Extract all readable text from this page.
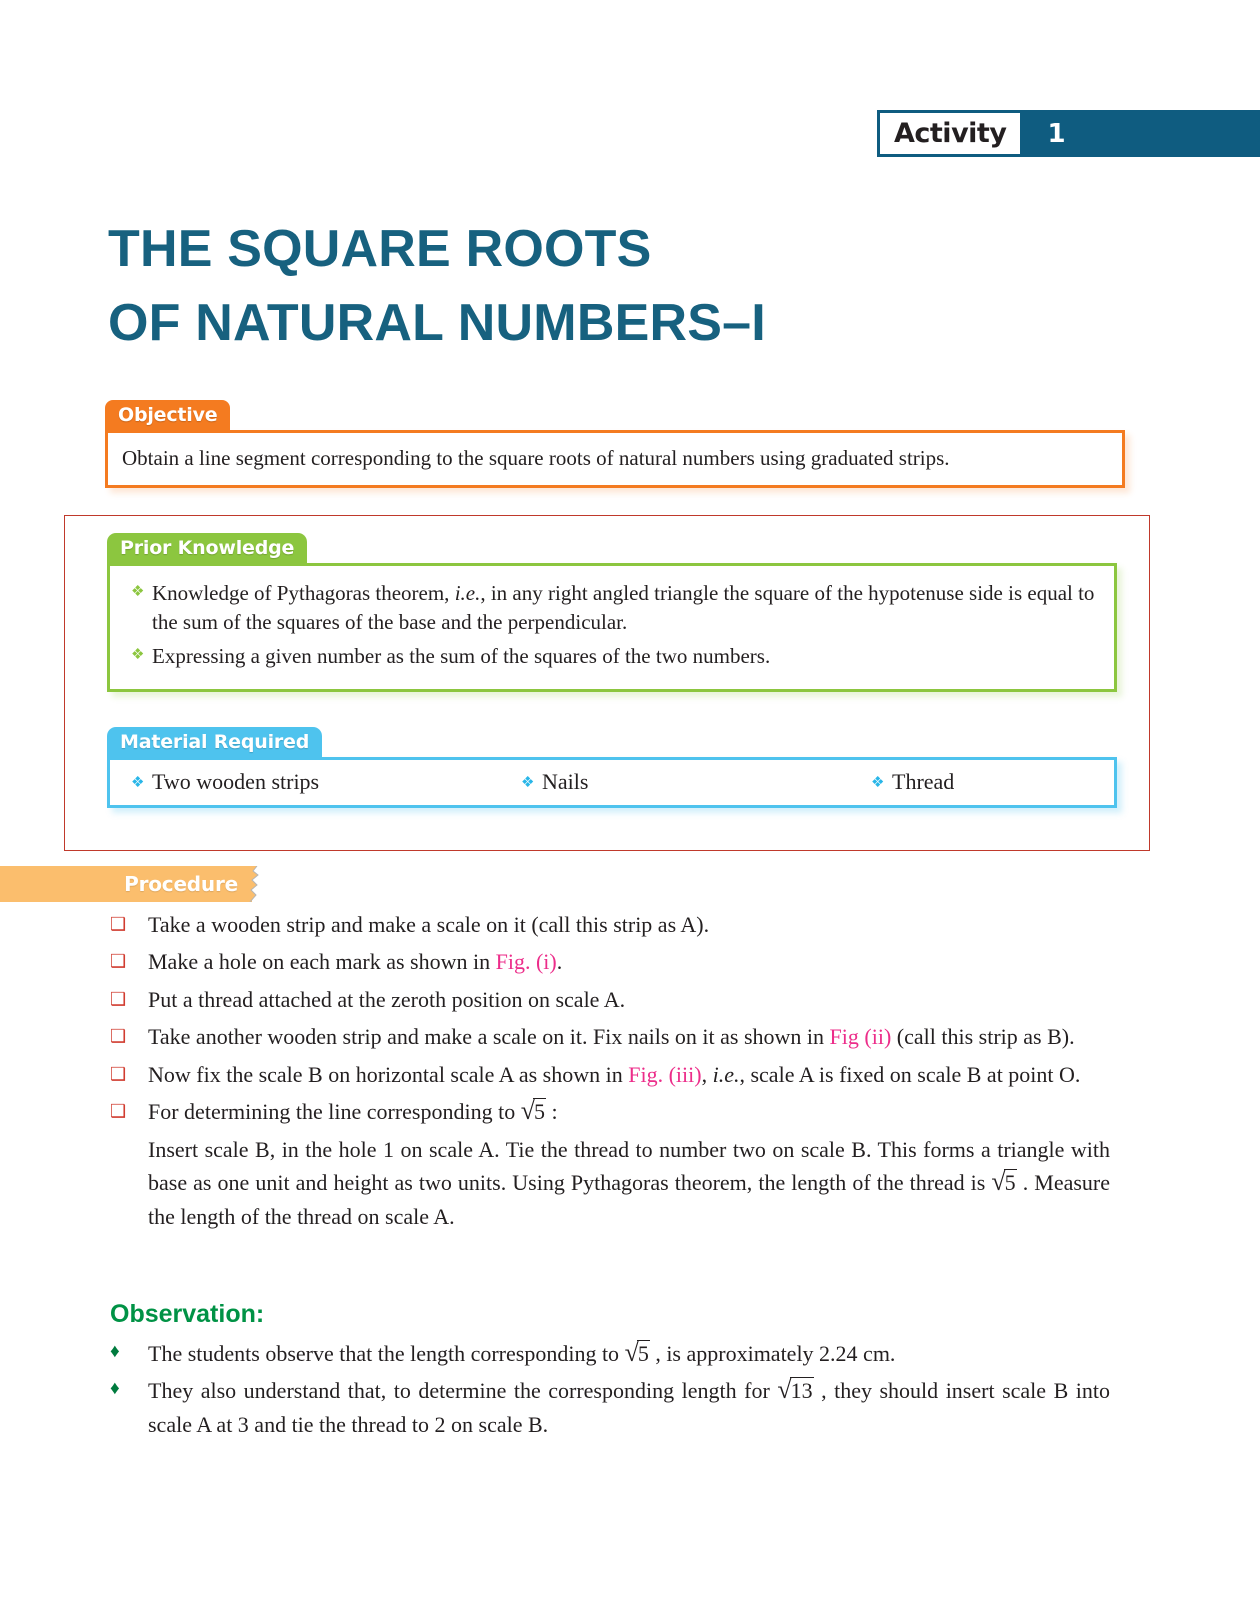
Activity	1
THE SQUARE ROOTS
OF NATURAL NUMBERS–I
Objective
Obtain a line segment corresponding to the square roots of natural numbers using graduated strips.
Prior Knowledge
❖ Knowledge of Pythagoras theorem, i.e., in any right angled triangle the square of the hypotenuse side is equal to the sum of the squares of the base and the perpendicular.
❖ Expressing a given number as the sum of the squares of the two numbers.
Material Required
❖ Two wooden strips	❖ Nails	❖ Thread
Procedure
❑ Take a wooden strip and make a scale on it (call this strip as A).
❑ Make a hole on each mark as shown in Fig. (i).
❑ Put a thread attached at the zeroth position on scale A.
❑ Take another wooden strip and make a scale on it. Fix nails on it as shown in Fig (ii) (call this strip as B).
❑ Now fix the scale B on horizontal scale A as shown in Fig. (iii), i.e., scale A is fixed on scale B at point O.
❑ For determining the line corresponding to √5 :
Insert scale B, in the hole 1 on scale A. Tie the thread to number two on scale B. This forms a triangle with base as one unit and height as two units. Using Pythagoras theorem, the length of the thread is √5 . Measure the length of the thread on scale A.
Observation:
♦	The students observe that the length corresponding to √5 , is approximately 2.24 cm.
♦	They also understand that, to determine the corresponding length for √13 , they should insert scale B into scale A at 3 and tie the thread to 2 on scale B.
